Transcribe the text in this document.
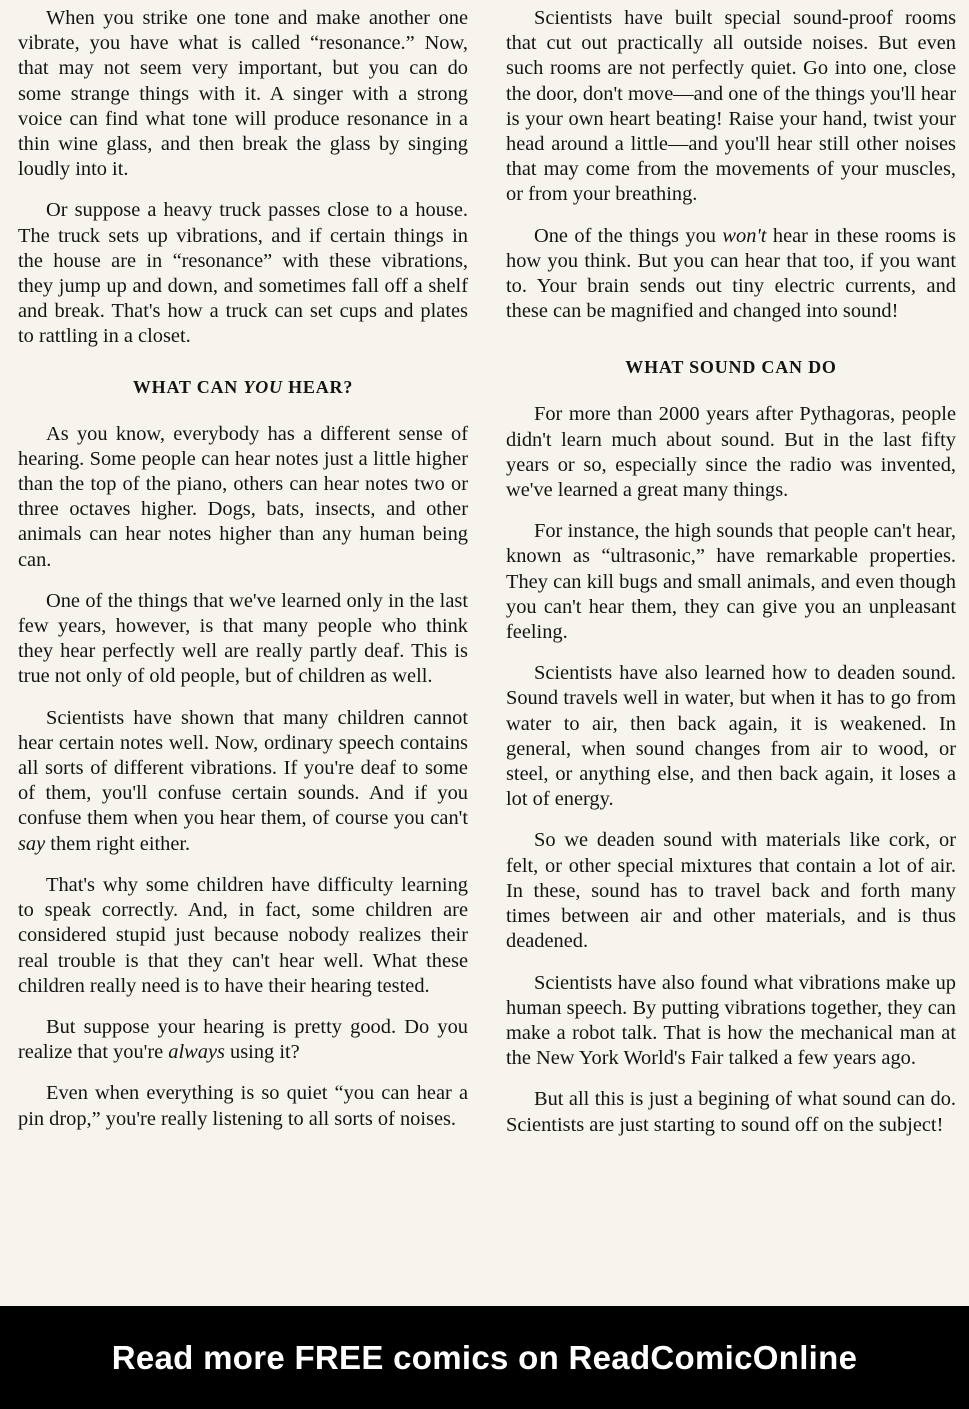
When you strike one tone and make another one vibrate, you have what is called “resonance.” Now, that may not seem very important, but you can do some strange things with it. A singer with a strong voice can find what tone will produce resonance in a thin wine glass, and then break the glass by singing loudly into it.

Or suppose a heavy truck passes close to a house. The truck sets up vibrations, and if certain things in the house are in “resonance” with these vibrations, they jump up and down, and sometimes fall off a shelf and break. That's how a truck can set cups and plates to rattling in a closet.

WHAT CAN YOU HEAR?

As you know, everybody has a different sense of hearing. Some people can hear notes just a little higher than the top of the piano, others can hear notes two or three octaves higher. Dogs, bats, insects, and other animals can hear notes higher than any human being can.

One of the things that we've learned only in the last few years, however, is that many people who think they hear perfectly well are really partly deaf. This is true not only of old people, but of children as well.

Scientists have shown that many children cannot hear certain notes well. Now, ordinary speech contains all sorts of different vibrations. If you're deaf to some of them, you'll confuse certain sounds. And if you confuse them when you hear them, of course you can't say them right either.

That's why some children have difficulty learning to speak correctly. And, in fact, some children are considered stupid just because nobody realizes their real trouble is that they can't hear well. What these children really need is to have their hearing tested.

But suppose your hearing is pretty good. Do you realize that you're always using it?

Even when everything is so quiet “you can hear a pin drop,” you're really listening to all sorts of noises.

Scientists have built special sound-proof rooms that cut out practically all outside noises. But even such rooms are not perfectly quiet. Go into one, close the door, don't move—and one of the things you'll hear is your own heart beating! Raise your hand, twist your head around a little—and you'll hear still other noises that may come from the movements of your muscles, or from your breathing.

One of the things you won't hear in these rooms is how you think. But you can hear that too, if you want to. Your brain sends out tiny electric currents, and these can be magnified and changed into sound!

WHAT SOUND CAN DO

For more than 2000 years after Pythagoras, people didn't learn much about sound. But in the last fifty years or so, especially since the radio was invented, we've learned a great many things.

For instance, the high sounds that people can't hear, known as “ultrasonic,” have remarkable properties. They can kill bugs and small animals, and even though you can't hear them, they can give you an unpleasant feeling.

Scientists have also learned how to deaden sound. Sound travels well in water, but when it has to go from water to air, then back again, it is weakened. In general, when sound changes from air to wood, or steel, or anything else, and then back again, it loses a lot of energy.

So we deaden sound with materials like cork, or felt, or other special mixtures that contain a lot of air. In these, sound has to travel back and forth many times between air and other materials, and is thus deadened.

Scientists have also found what vibrations make up human speech. By putting vibrations together, they can make a robot talk. That is how the mechanical man at the New York World's Fair talked a few years ago.

But all this is just a begining of what sound can do. Scientists are just starting to sound off on the subject!

Read more FREE comics on ReadComicOnline
